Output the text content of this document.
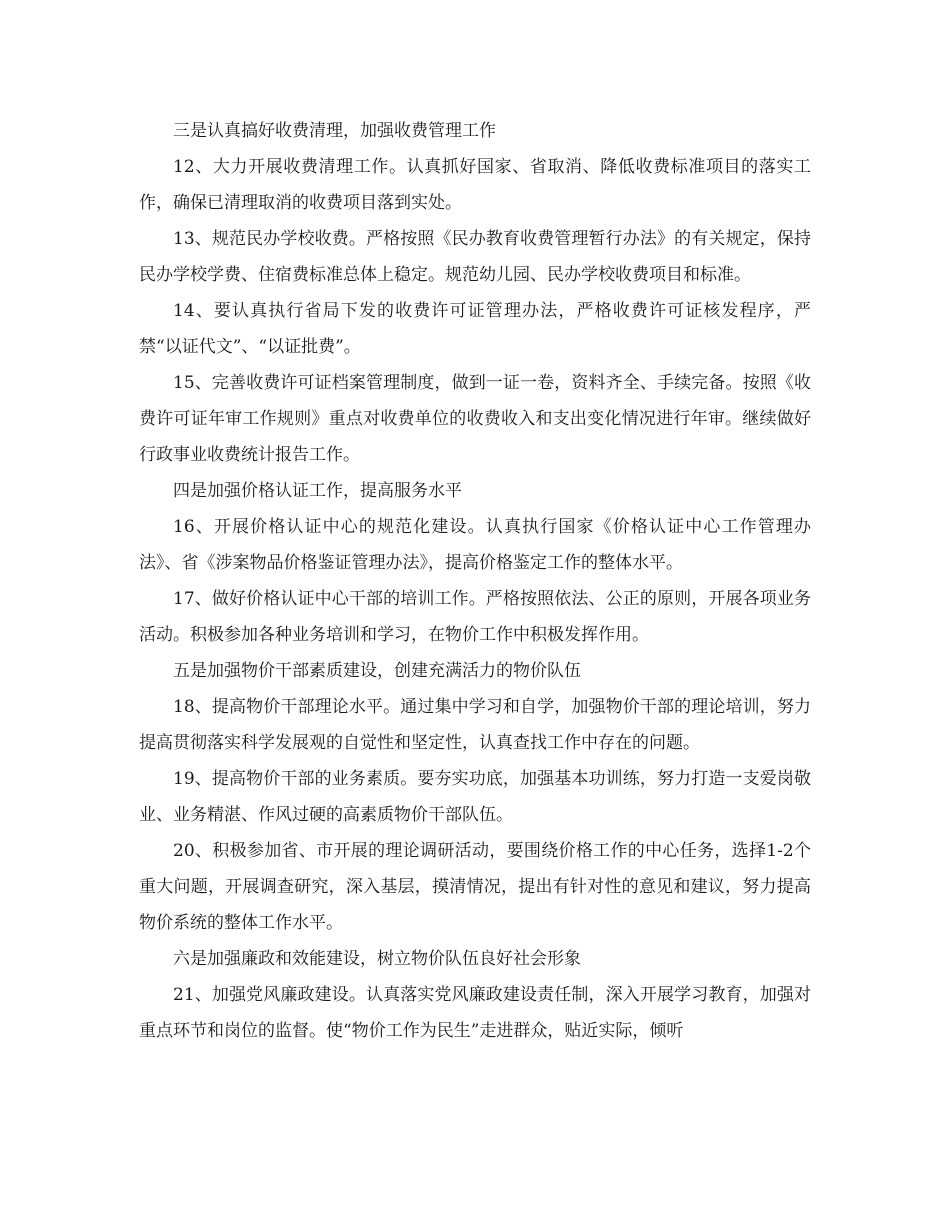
三是认真搞好收费清理，加强收费管理工作

12、大力开展收费清理工作。认真抓好国家、省取消、降低收费标准项目的落实工作，确保已清理取消的收费项目落到实处。

13、规范民办学校收费。严格按照《民办教育收费管理暂行办法》的有关规定，保持民办学校学费、住宿费标准总体上稳定。规范幼儿园、民办学校收费项目和标准。

14、要认真执行省局下发的收费许可证管理办法，严格收费许可证核发程序，严禁“以证代文”、“以证批费”。

15、完善收费许可证档案管理制度，做到一证一卷，资料齐全、手续完备。按照《收费许可证年审工作规则》重点对收费单位的收费收入和支出变化情况进行年审。继续做好行政事业收费统计报告工作。

四是加强价格认证工作，提高服务水平

16、开展价格认证中心的规范化建设。认真执行国家《价格认证中心工作管理办法》、省《涉案物品价格鉴证管理办法》，提高价格鉴定工作的整体水平。

17、做好价格认证中心干部的培训工作。严格按照依法、公正的原则，开展各项业务活动。积极参加各种业务培训和学习，在物价工作中积极发挥作用。

五是加强物价干部素质建设，创建充满活力的物价队伍

18、提高物价干部理论水平。通过集中学习和自学，加强物价干部的理论培训，努力提高贯彻落实科学发展观的自觉性和坚定性，认真查找工作中存在的问题。

19、提高物价干部的业务素质。要夯实功底，加强基本功训练，努力打造一支爱岗敬业、业务精湛、作风过硬的高素质物价干部队伍。

20、积极参加省、市开展的理论调研活动，要围绕价格工作的中心任务，选择1-2个重大问题，开展调查研究，深入基层，摸清情况，提出有针对性的意见和建议，努力提高物价系统的整体工作水平。

六是加强廉政和效能建设，树立物价队伍良好社会形象

21、加强党风廉政建设。认真落实党风廉政建设责任制，深入开展学习教育，加强对重点环节和岗位的监督。使“物价工作为民生”走进群众，贴近实际，倾听
